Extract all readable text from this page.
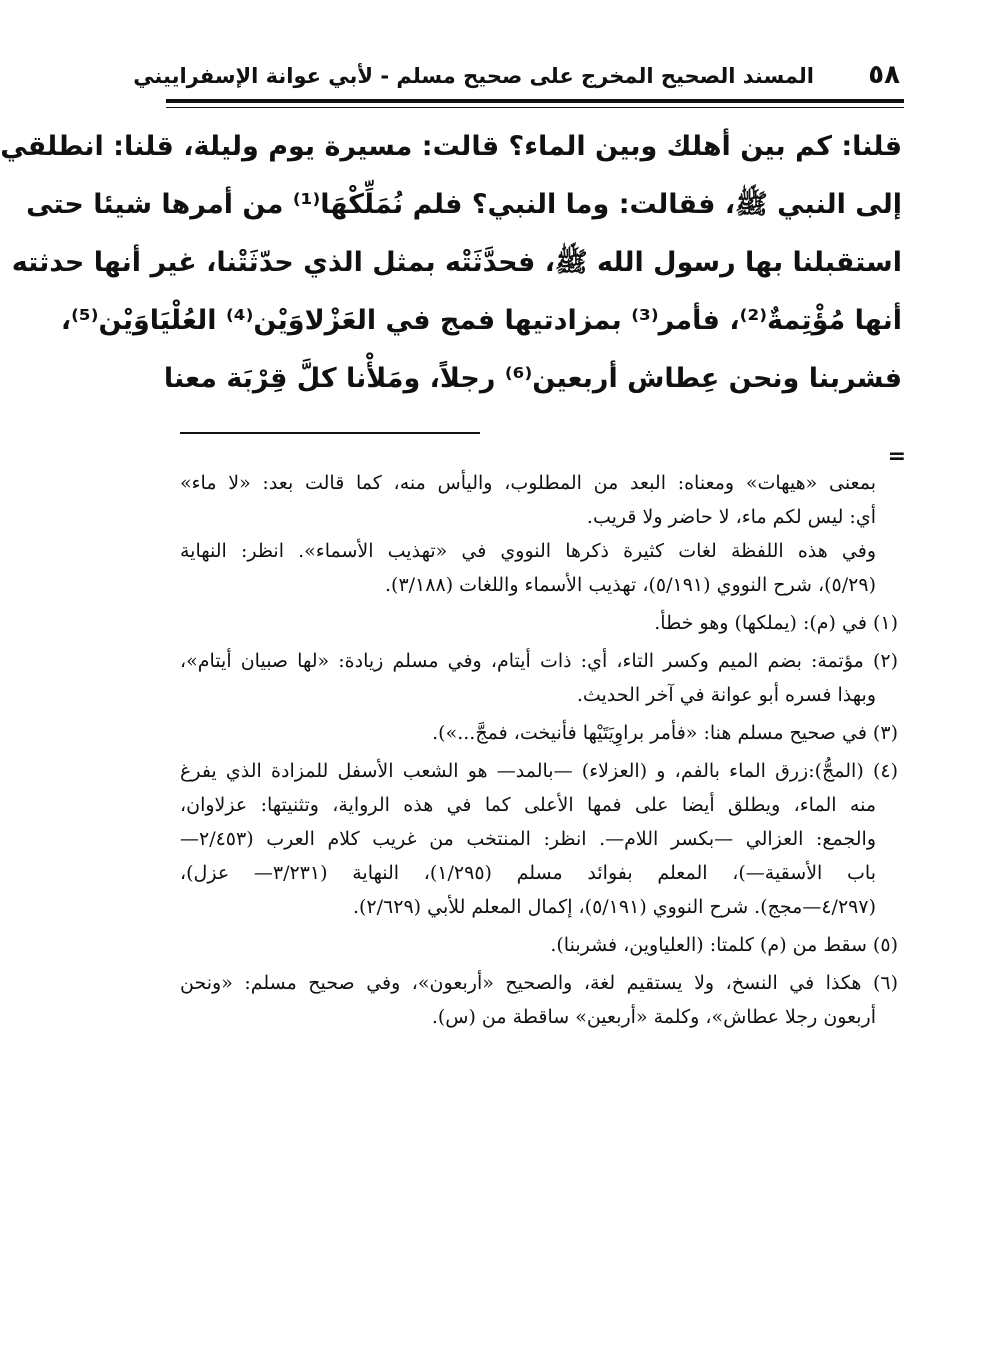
٥٨
المسند الصحيح المخرج على صحيح مسلم - لأبي عوانة الإسفراييني
قلنا: كم بين أهلك وبين الماء؟ قالت: مسيرة يوم وليلة، قلنا: انطلقي
إلى النبي ﷺ، فقالت: وما النبي؟ فلم نُمَلِّكْهَا⁽¹⁾ من أمرها شيئا حتى
استقبلنا بها رسول الله ﷺ، فحدَّثَتْه بمثل الذي حدّثَتْنا، غير أنها حدثته
أنها مُؤْتِمةٌ⁽²⁾، فأمر⁽³⁾ بمزادتيها فمج في العَزْلاوَيْن⁽⁴⁾ العُلْيَاوَيْن⁽⁵⁾،
فشربنا ونحن عِطاش أربعين⁽⁶⁾ رجلاً، ومَلأْنا كلَّ قِرْبَة معنا
=
بمعنى «هيهات» ومعناه: البعد من المطلوب، واليأس منه، كما قالت بعد: «لا ماء»
أي: ليس لكم ماء، لا حاضر ولا قريب.
وفي هذه اللفظة لغات كثيرة ذكرها النووي في «تهذيب الأسماء». انظر: النهاية
(٥/٢٩)، شرح النووي (٥/١٩١)، تهذيب الأسماء واللغات (٣/١٨٨).
(١) في (م): (يملكها) وهو خطأ.
(٢) مؤتمة: بضم الميم وكسر التاء، أي: ذات أيتام، وفي مسلم زيادة: «لها صبيان أيتام»،
وبهذا فسره أبو عوانة في آخر الحديث.
(٣) في صحيح مسلم هنا: «فأمر براوِيَتَيْها فأنيخت، فمجَّ...»).
(٤) (المجُّ):زرق الماء بالفم، و (العزلاء) —بالمد— هو الشعب الأسفل للمزادة الذي يفرغ
منه الماء، ويطلق أيضا على فمها الأعلى كما في هذه الرواية، وتثنيتها: عزلاوان،
والجمع: العزالي —بكسر اللام—. انظر: المنتخب من غريب كلام العرب (٢/٤٥٣—
باب الأسقية—)، المعلم بفوائد مسلم (١/٢٩٥)، النهاية (٣/٢٣١— عزل)،
(٤/٢٩٧—مجج). شرح النووي (٥/١٩١)، إكمال المعلم للأبي (٢/٦٢٩).
(٥) سقط من (م) كلمتا: (العلياوين، فشربنا).
(٦) هكذا في النسخ، ولا يستقيم لغة، والصحيح «أربعون»، وفي صحيح مسلم: «ونحن
أربعون رجلا عطاش»، وكلمة «أربعين» ساقطة من (س).
